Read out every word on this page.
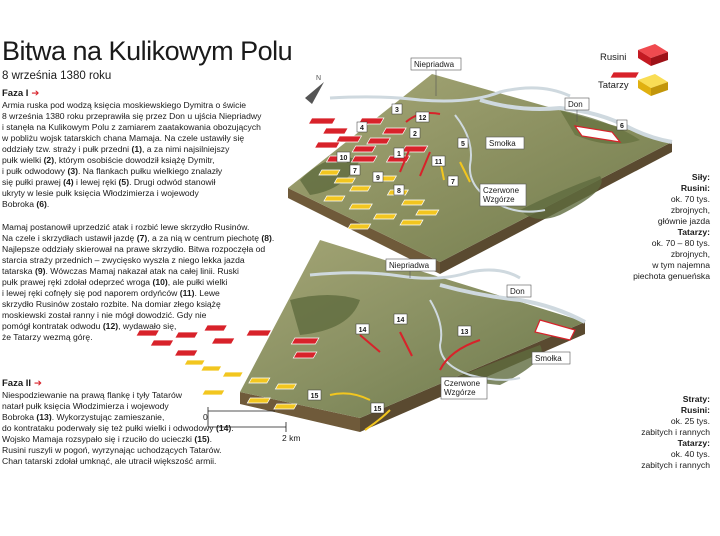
1
2
3
4
5
6
7
7
8
9
10
11
12
Niepriadwa
Don
Smołka
Czerwone Wzgórze
13
14
14
15
15
Niepriadwa
Don
Smołka
Czerwone Wzgórze
N
Bitwa na Kulikowym Polu
8 września 1380 roku
Faza I ➔
Armia ruska pod wodzą księcia moskiewskiego Dymitra o świcie
8 września 1380 roku przeprawiła się przez Don u ujścia Niepriadwy
i stanęła na Kulikowym Polu z zamiarem zaatakowania obozujących
w pobliżu wojsk tatarskich chana Mamaja. Na czele ustawiły się
oddziały tzw. straży i pułk przedni (1), a za nimi najsilniejszy
pułk wielki (2), którym osobiście dowodził książę Dymitr,
i pułk odwodowy (3). Na flankach pułku wielkiego znalazły
się pułki prawej (4) i lewej ręki (5). Drugi odwód stanowił
ukryty w lesie pułk księcia Włodzimierza i wojewody
Bobroka (6).
Mamaj postanowił uprzedzić atak i rozbić lewe skrzydło Rusinów.
Na czele i skrzydłach ustawił jazdę (7), a za nią w centrum piechotę (8).
Najlepsze oddziały skierował na prawe skrzydło. Bitwa rozpoczęła od
starcia straży przednich – zwycięsko wyszła z niego lekka jazda
tatarska (9). Wówczas Mamaj nakazał atak na całej linii. Ruski
pułk prawej ręki zdołał odeprzeć wroga (10), ale pułki wielki
i lewej ręki cofnęły się pod naporem ordyńców (11). Lewe
skrzydło Rusinów zostało rozbite. Na domiar złego książę
moskiewski został ranny i nie mógł dowodzić. Gdy nie
pomógł kontratak odwodu (12), wydawało się,
że Tatarzy wezmą górę.
Faza II ➔
Niespodziewanie na prawą flankę i tyły Tatarów
natarł pułk księcia Włodzimierza i wojewody
Bobroka (13). Wykorzystując zamieszanie,
do kontrataku poderwały się też pułki wielki i odwodowy (14).
Wojsko Mamaja rozsypało się i rzuciło do ucieczki (15).
Rusini ruszyli w pogoń, wyrzynając uchodzących Tatarów.
Chan tatarski zdołał umknąć, ale utracił większość armii.
Rusini
Tatarzy
Siły:
Rusini:
ok. 70 tys.
zbrojnych,
głównie jazda
Tatarzy:
ok. 70 – 80 tys.
zbrojnych,
w tym najemna
piechota genueńska
Straty:
Rusini:
ok. 25 tys.
zabitych i rannych
Tatarzy:
ok. 40 tys.
zabitych i rannych
0
2 km
